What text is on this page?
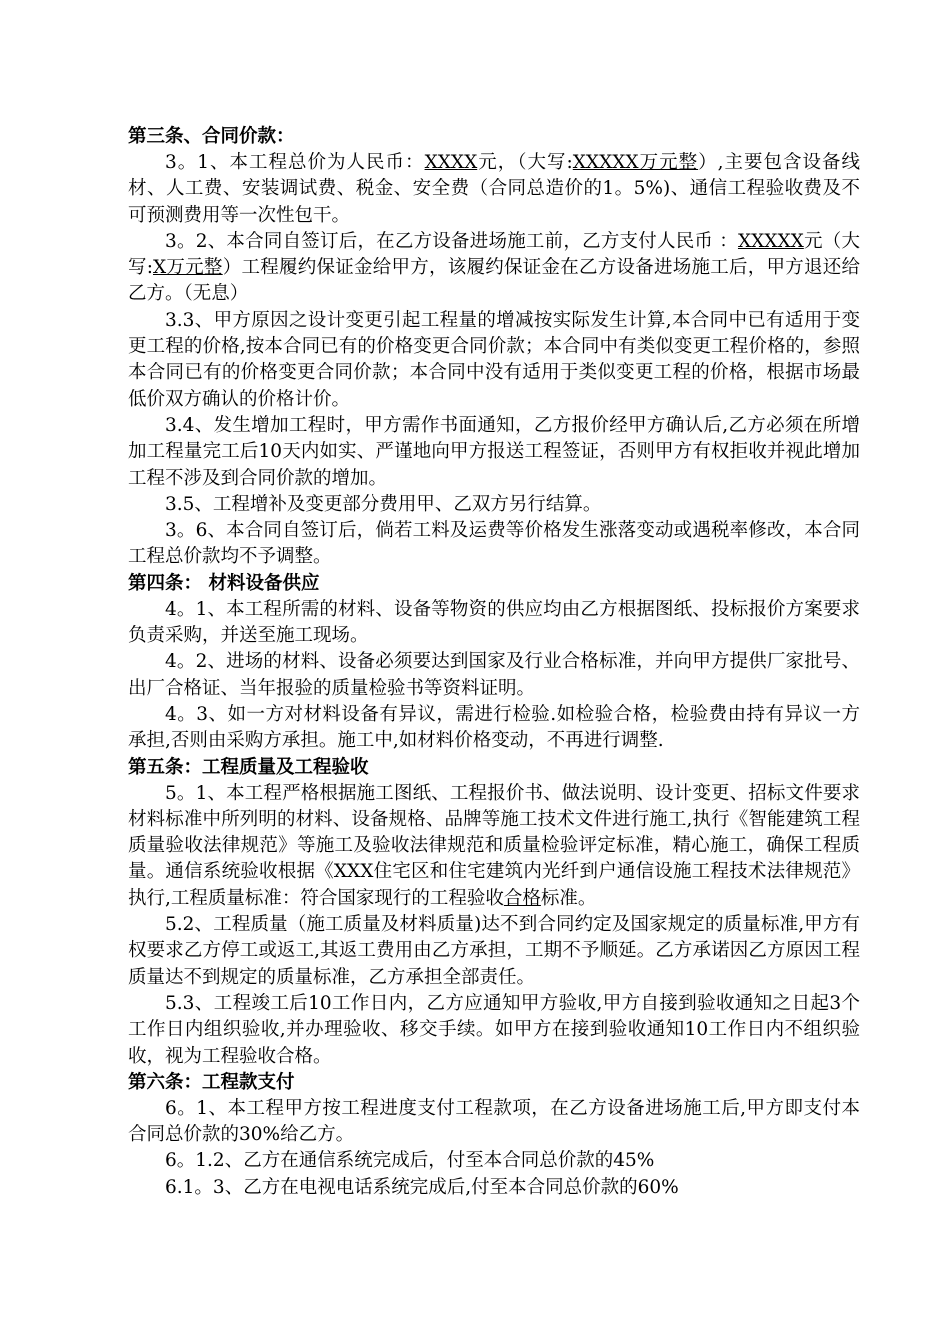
第三条、合同价款：

3。1、本工程总价为人民币：XXXX元，（大写:XXXXX万元整）,主要包含设备线材、人工费、安装调试费、税金、安全费（合同总造价的1。5%)、通信工程验收费及不可预测费用等一次性包干。

3。2、本合同自签订后，在乙方设备进场施工前，乙方支付人民币 ：XXXXX元（大写:X万元整）工程履约保证金给甲方，该履约保证金在乙方设备进场施工后，甲方退还给乙方。（无息）

3.3、甲方原因之设计变更引起工程量的增减按实际发生计算,本合同中已有适用于变更工程的价格,按本合同已有的价格变更合同价款；本合同中有类似变更工程价格的，参照本合同已有的价格变更合同价款；本合同中没有适用于类似变更工程的价格，根据市场最低价双方确认的价格计价。

3.4、发生增加工程时，甲方需作书面通知，乙方报价经甲方确认后,乙方必须在所增加工程量完工后10天内如实、严谨地向甲方报送工程签证，否则甲方有权拒收并视此增加工程不涉及到合同价款的增加。

3.5、工程增补及变更部分费用甲、乙双方另行结算。

3。6、本合同自签订后，倘若工料及运费等价格发生涨落变动或遇税率修改，本合同工程总价款均不予调整。

第四条： 材料设备供应

4。1、本工程所需的材料、设备等物资的供应均由乙方根据图纸、投标报价方案要求负责采购，并送至施工现场。

4。2、进场的材料、设备必须要达到国家及行业合格标准，并向甲方提供厂家批号、出厂合格证、当年报验的质量检验书等资料证明。

4。3、如一方对材料设备有异议，需进行检验.如检验合格，检验费由持有异议一方承担,否则由采购方承担。施工中,如材料价格变动，不再进行调整.

第五条：工程质量及工程验收

5。1、本工程严格根据施工图纸、工程报价书、做法说明、设计变更、招标文件要求材料标准中所列明的材料、设备规格、品牌等施工技术文件进行施工,执行《智能建筑工程质量验收法律规范》等施工及验收法律规范和质量检验评定标准，精心施工，确保工程质量。通信系统验收根据《XXX住宅区和住宅建筑内光纤到户通信设施工程技术法律规范》执行,工程质量标准：符合国家现行的工程验收合格标准。

5.2、工程质量（施工质量及材料质量)达不到合同约定及国家规定的质量标准,甲方有权要求乙方停工或返工,其返工费用由乙方承担，工期不予顺延。乙方承诺因乙方原因工程质量达不到规定的质量标准，乙方承担全部责任。

5.3、工程竣工后10工作日内，乙方应通知甲方验收,甲方自接到验收通知之日起3个工作日内组织验收,并办理验收、移交手续。如甲方在接到验收通知10工作日内不组织验收，视为工程验收合格。

第六条：工程款支付

6。1、本工程甲方按工程进度支付工程款项，在乙方设备进场施工后,甲方即支付本合同总价款的30%给乙方。

6。1.2、乙方在通信系统完成后，付至本合同总价款的45%

6.1。3、乙方在电视电话系统完成后,付至本合同总价款的60%
